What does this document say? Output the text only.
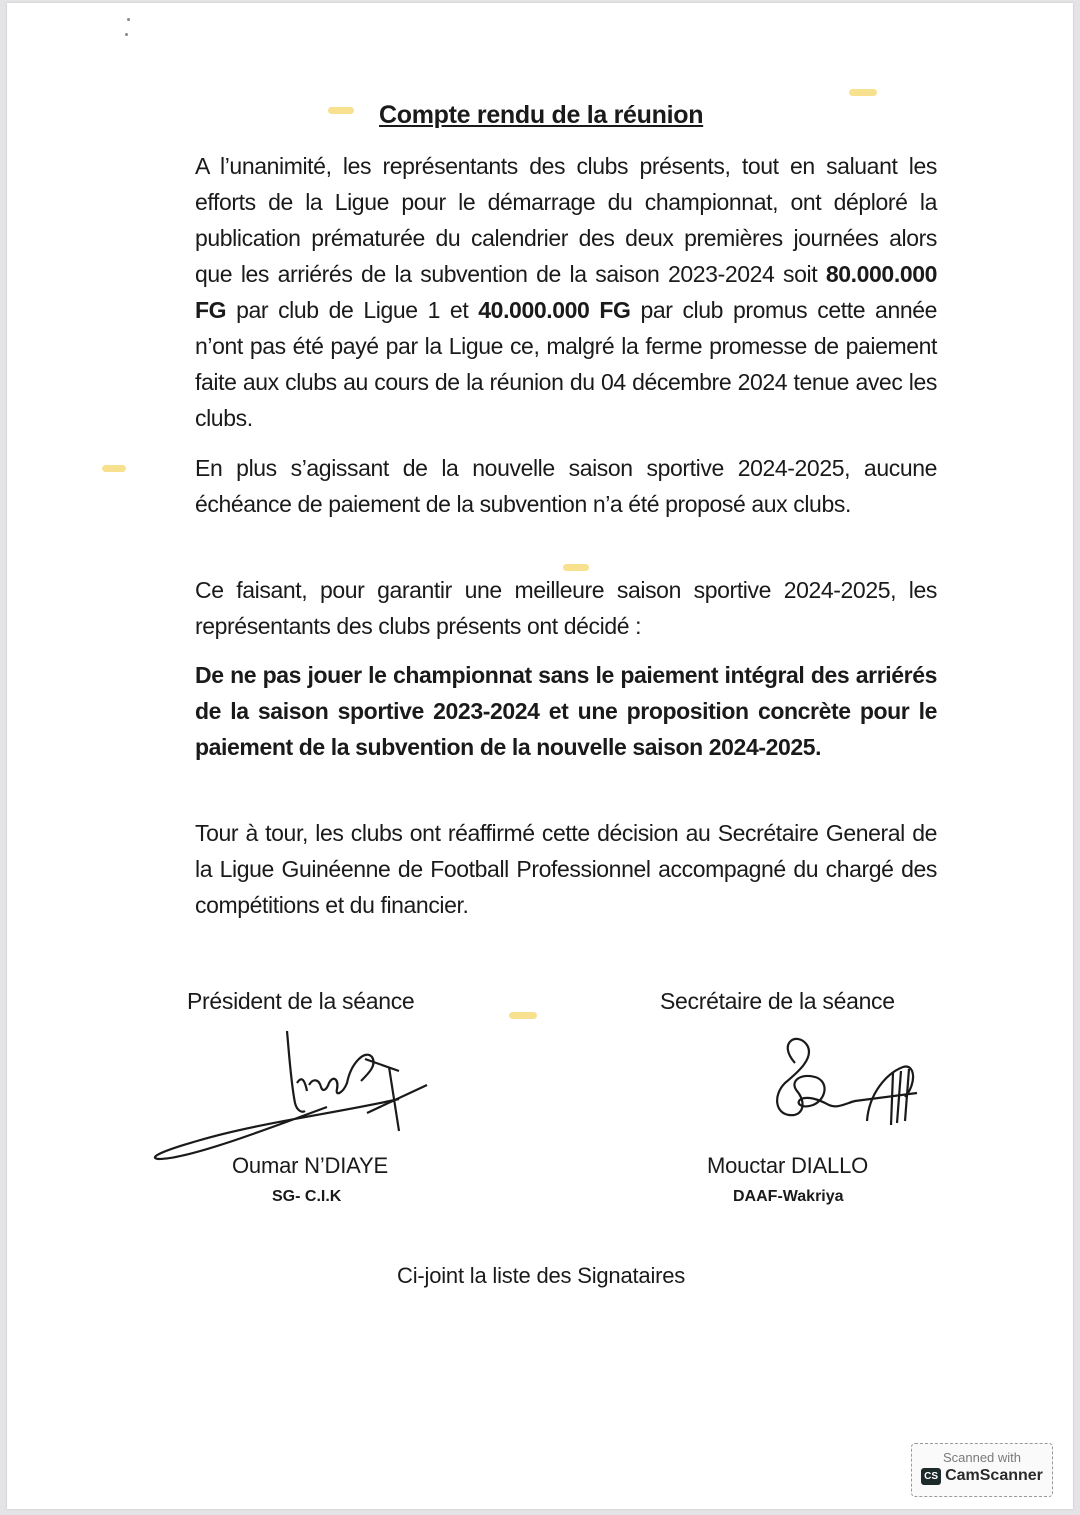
Compte rendu de la réunion

A l’unanimité, les représentants des clubs présents, tout en saluant les efforts de la Ligue pour le démarrage du championnat, ont déploré la publication prématurée du calendrier des deux premières journées alors que les arriérés de la subvention de la saison 2023-2024 soit 80.000.000 FG par club de Ligue 1 et 40.000.000 FG par club promus cette année n’ont pas été payé par la Ligue ce, malgré la ferme promesse de paiement faite aux clubs au cours de la réunion du 04 décembre 2024 tenue avec les clubs.

En plus s’agissant de la nouvelle saison sportive 2024-2025, aucune échéance de paiement de la subvention n’a été proposé aux clubs.

Ce faisant, pour garantir une meilleure saison sportive 2024-2025, les représentants des clubs présents ont décidé :

De ne pas jouer le championnat sans le paiement intégral des arriérés de la saison sportive 2023-2024 et une proposition concrète pour le paiement de la subvention de la nouvelle saison 2024-2025.

Tour à tour, les clubs ont réaffirmé cette décision au Secrétaire General de la Ligue Guinéenne de Football Professionnel accompagné du chargé des compétitions et du financier.

Président de la séance
Oumar N’DIAYE
SG- C.I.K
Secrétaire de la séance
Mouctar DIALLO
DAAF-Wakriya
Ci-joint la liste des Signataires
Scanned with
CS CamScanner
